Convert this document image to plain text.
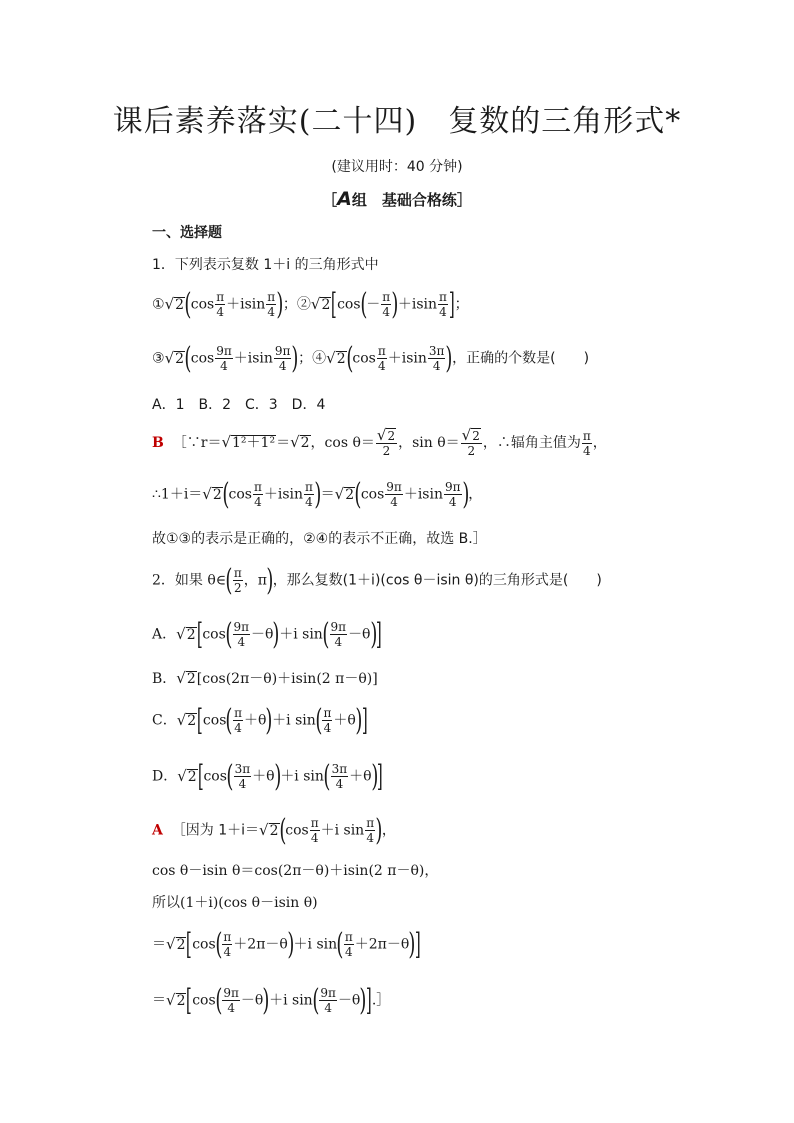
课后素养落实(二十四)　复数的三角形式*
(建议用时：40 分钟)
［A组　基础合格练］
一、选择题
1．下列表示复数 1＋i 的三角形式中
①√2(cos $\frac{\pi}{4} +isin \frac{\pi}{4}$ )；②√2[cos(－ $\frac{\pi}{4} )+isin \frac{\pi}{4}$ ]；
③√2(cos $\frac{9\pi}{4} +isin \frac{9\pi}{4}$ )；④√2(cos $\frac{\pi}{4} +isin \frac{3\pi}{4}$ )，正确的个数是(　　)
A．1　B．2　C．3　D．4
B ［∵r＝√1²＋1²＝√2，$\cos \theta= \frac{√2}{2}$ ，$\sin \theta= \frac{√2}{2}$ ，∴辐角主值为 $\frac{\pi}{4}$ ，
∴1＋i＝√2(cos $\frac{\pi}{4} +isin \frac{\pi}{4} )=√2(\cos \frac{9\pi}{4} +isin \frac{9\pi}{4}$ )，
故①③的表示是正确的，②④的表示不正确，故选 B.］
2．如果 θ∈( $\frac{\pi}{2}$ ，π)，那么复数(1＋i)(cos θ－isin θ)的三角形式是(　　)
A．$√2[\cos( \frac{9\pi}{4} -\theta)+i$ $\sin( \frac{9\pi}{4} -\theta)$]
B．√2[cos(2π－θ)＋isin(2 π－θ)]
C．$√2[\cos( \frac{\pi}{4} +\theta)+i$ $\sin( \frac{\pi}{4} +\theta)$]
D．$√2[\cos( \frac{3\pi}{4} +\theta)+i$ $\sin( \frac{3\pi}{4} +\theta)$]
A ［因为 $1+i=√2(\cos \frac{\pi}{4} +i$ $\sin \frac{\pi}{4}$ )，
cos θ－isin θ＝cos(2π－θ)＋isin(2 π－θ)，
所以(1＋i)(cos θ－isin θ)
$=√2[\cos( \frac{\pi}{4} +2\pi-\theta)+i$ $\sin( \frac{\pi}{4} +2\pi-\theta)$]
$=√2[\cos( \frac{9\pi}{4} -\theta)+i$ $\sin( \frac{9\pi}{4}$ －θ)].］
